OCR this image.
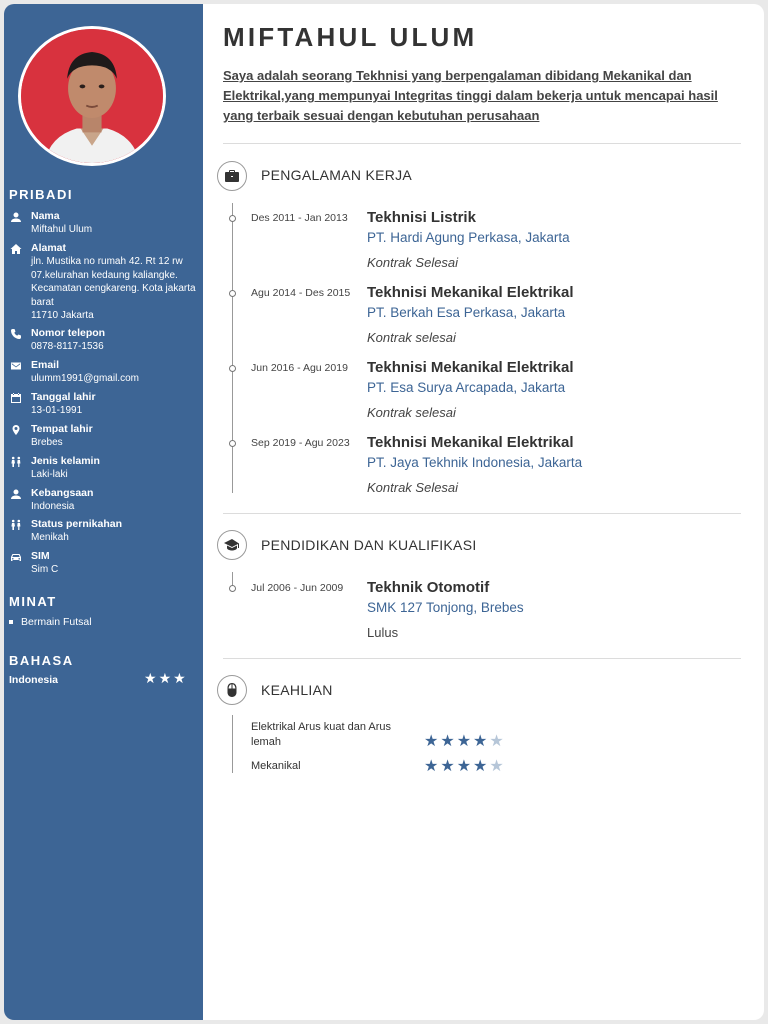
PRIBADI
Nama
Miftahul Ulum
Alamat
jln. Mustika no rumah 42. Rt 12 rw 07.kelurahan kedaung kaliangke. Kecamatan cengkareng. Kota jakarta barat
11710 Jakarta
Nomor telepon
0878-8117-1536
Email
ulumm1991@gmail.com
Tanggal lahir
13-01-1991
Tempat lahir
Brebes
Jenis kelamin
Laki-laki
Kebangsaan
Indonesia
Status pernikahan
Menikah
SIM
Sim C
MINAT
Bermain Futsal
BAHASA
Indonesia	★★★
MIFTAHUL ULUM
Saya adalah seorang Tekhnisi yang berpengalaman dibidang Mekanikal dan Elektrikal,yang mempunyai Integritas tinggi dalam bekerja untuk mencapai hasil yang terbaik sesuai dengan kebutuhan perusahaan
PENGALAMAN KERJA
Des 2011 - Jan 2013 Tekhnisi Listrik
PT. Hardi Agung Perkasa, Jakarta
Kontrak Selesai
Agu 2014 - Des 2015 Tekhnisi Mekanikal Elektrikal
PT. Berkah Esa Perkasa, Jakarta
Kontrak selesai
Jun 2016 - Agu 2019 Tekhnisi Mekanikal Elektrikal
PT. Esa Surya Arcapada, Jakarta
Kontrak selesai
Sep 2019 - Agu 2023 Tekhnisi Mekanikal Elektrikal
PT. Jaya Tekhnik Indonesia, Jakarta
Kontrak Selesai
PENDIDIKAN DAN KUALIFIKASI
Jul 2006 - Jun 2009 Tekhnik Otomotif
SMK 127 Tonjong, Brebes
Lulus
KEAHLIAN
Elektrikal Arus kuat dan Arus lemah	★★★★★
Mekanikal	★★★★★
